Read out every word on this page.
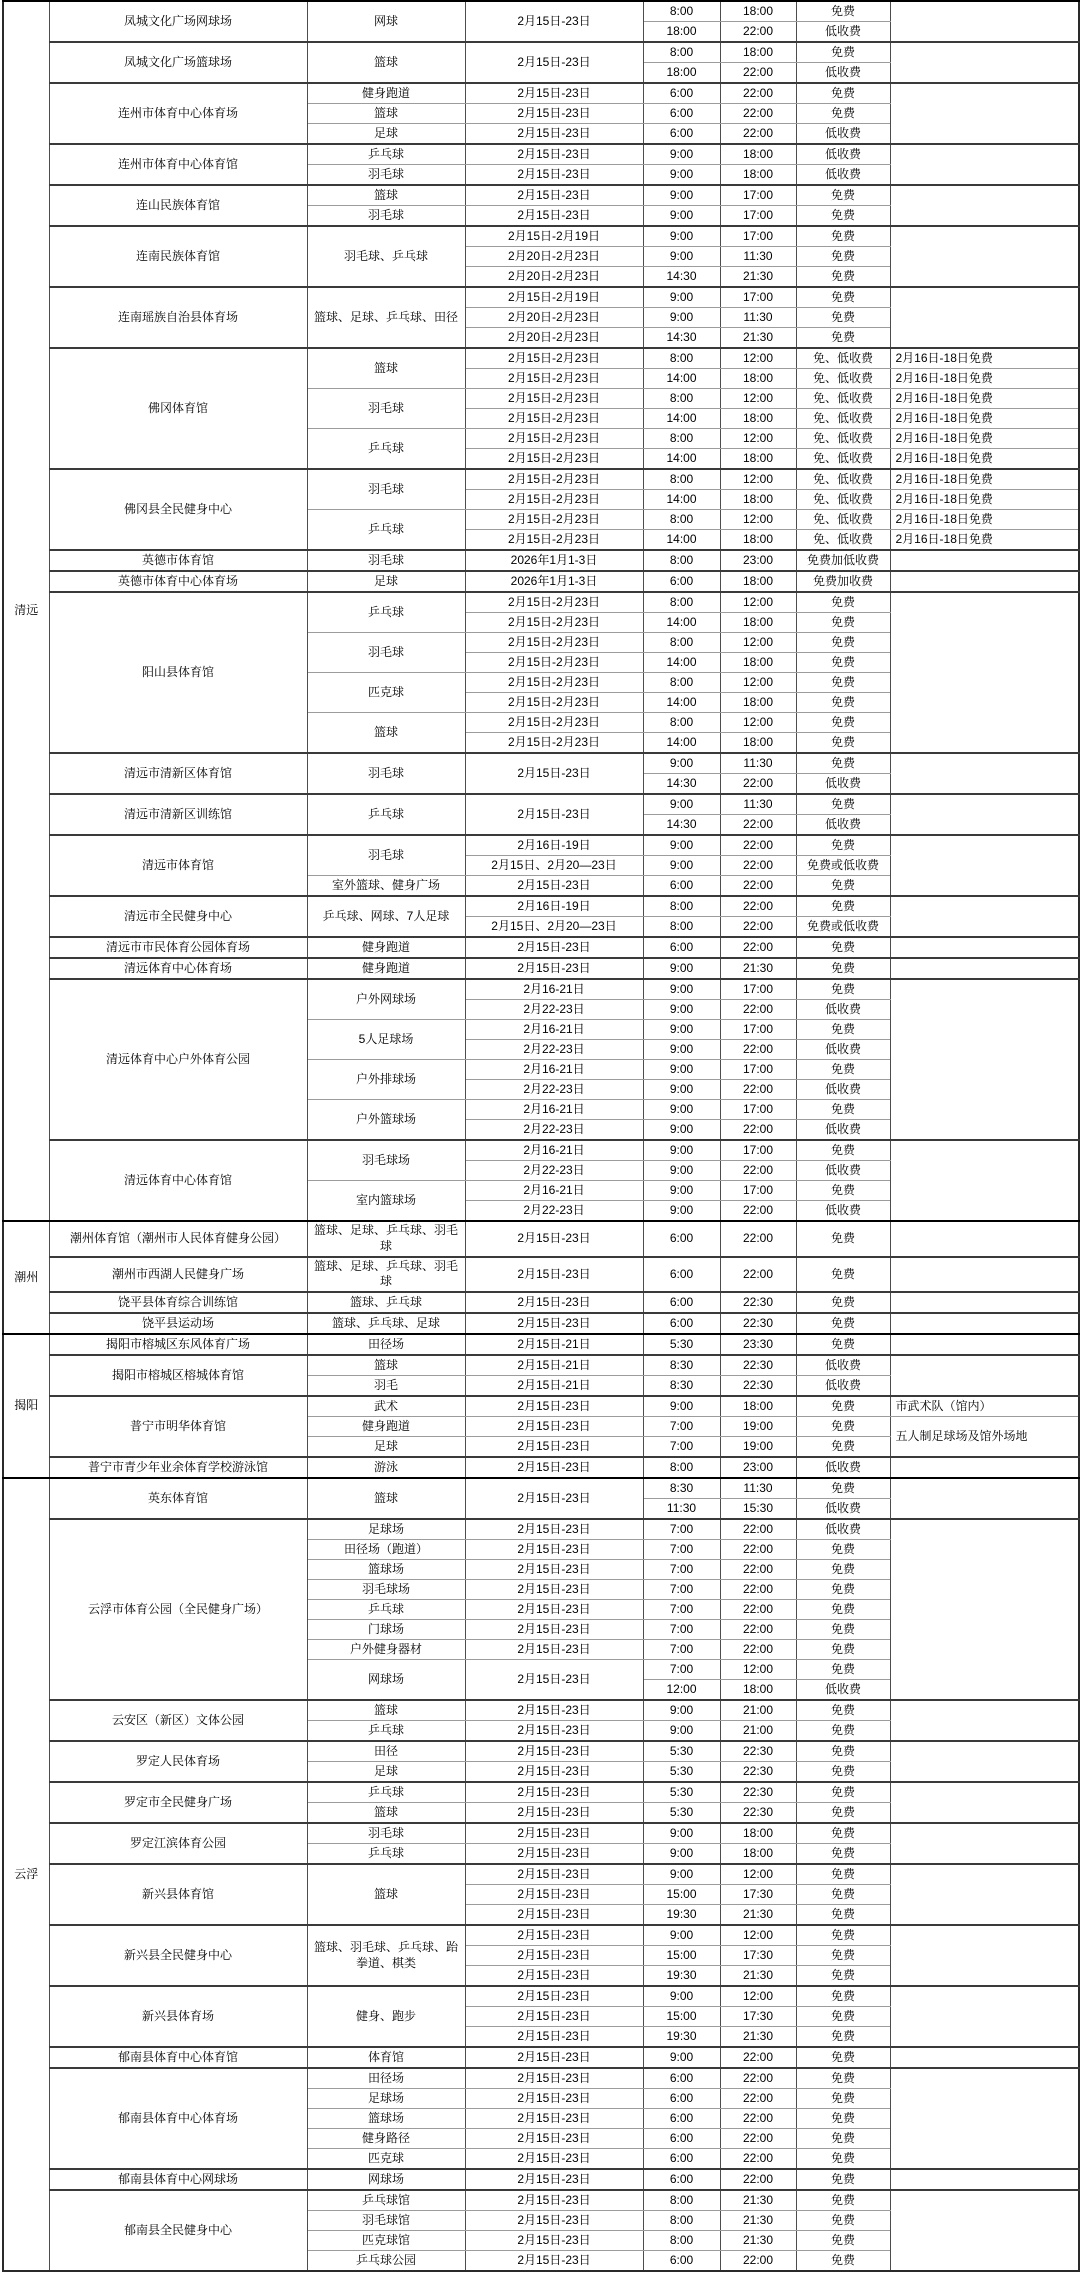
清远	凤城文化广场网球场	网球	2月15日-23日	8:00	18:00	免费	
				18:00	22:00	低收费	
	凤城文化广场篮球场	篮球	2月15日-23日	8:00	18:00	免费	
				18:00	22:00	低收费	
	连州市体育中心体育场	健身跑道	2月15日-23日	6:00	22:00	免费	
		篮球	2月15日-23日	6:00	22:00	免费	
		足球	2月15日-23日	6:00	22:00	低收费	
	连州市体育中心体育馆	乒乓球	2月15日-23日	9:00	18:00	低收费	
		羽毛球	2月15日-23日	9:00	18:00	低收费	
	连山民族体育馆	篮球	2月15日-23日	9:00	17:00	免费	
		羽毛球	2月15日-23日	9:00	17:00	免费	
	连南民族体育馆	羽毛球、乒乓球	2月15日-2月19日	9:00	17:00	免费	
			2月20日-2月23日	9:00	11:30	免费	
			2月20日-2月23日	14:30	21:30	免费	
	连南瑶族自治县体育场	篮球、足球、乒乓球、田径	2月15日-2月19日	9:00	17:00	免费	
			2月20日-2月23日	9:00	11:30	免费	
			2月20日-2月23日	14:30	21:30	免费	
	佛冈体育馆	篮球	2月15日-2月23日	8:00	12:00	免、低收费	2月16日-18日免费
			2月15日-2月23日	14:00	18:00	免、低收费	2月16日-18日免费
		羽毛球	2月15日-2月23日	8:00	12:00	免、低收费	2月16日-18日免费
			2月15日-2月23日	14:00	18:00	免、低收费	2月16日-18日免费
		乒乓球	2月15日-2月23日	8:00	12:00	免、低收费	2月16日-18日免费
			2月15日-2月23日	14:00	18:00	免、低收费	2月16日-18日免费
	佛冈县全民健身中心	羽毛球	2月15日-2月23日	8:00	12:00	免、低收费	2月16日-18日免费
			2月15日-2月23日	14:00	18:00	免、低收费	2月16日-18日免费
		乒乓球	2月15日-2月23日	8:00	12:00	免、低收费	2月16日-18日免费
			2月15日-2月23日	14:00	18:00	免、低收费	2月16日-18日免费
	英德市体育馆	羽毛球	2026年1月1-3日	8:00	23:00	免费加低收费	
	英德市体育中心体育场	足球	2026年1月1-3日	6:00	18:00	免费加收费	
	阳山县体育馆	乒乓球	2月15日-2月23日	8:00	12:00	免费	
			2月15日-2月23日	14:00	18:00	免费	
		羽毛球	2月15日-2月23日	8:00	12:00	免费	
			2月15日-2月23日	14:00	18:00	免费	
		匹克球	2月15日-2月23日	8:00	12:00	免费	
			2月15日-2月23日	14:00	18:00	免费	
		篮球	2月15日-2月23日	8:00	12:00	免费	
			2月15日-2月23日	14:00	18:00	免费	
	清远市清新区体育馆	羽毛球	2月15日-23日	9:00	11:30	免费	
				14:30	22:00	低收费	
	清远市清新区训练馆	乒乓球	2月15日-23日	9:00	11:30	免费	
				14:30	22:00	低收费	
	清远市体育馆	羽毛球	2月16日-19日	9:00	22:00	免费	
			2月15日、2月20—23日	9:00	22:00	免费或低收费	
		室外篮球、健身广场	2月15日-23日	6:00	22:00	免费	
	清远市全民健身中心	乒乓球、网球、7人足球	2月16日-19日	8:00	22:00	免费	
			2月15日、2月20—23日	8:00	22:00	免费或低收费	
	清远市市民体育公园体育场	健身跑道	2月15日-23日	6:00	22:00	免费	
	清远体育中心体育场	健身跑道	2月15日-23日	9:00	21:30	免费	
	清远体育中心户外体育公园	户外网球场	2月16-21日	9:00	17:00	免费	
			2月22-23日	9:00	22:00	低收费	
		5人足球场	2月16-21日	9:00	17:00	免费	
			2月22-23日	9:00	22:00	低收费	
		户外排球场	2月16-21日	9:00	17:00	免费	
			2月22-23日	9:00	22:00	低收费	
		户外篮球场	2月16-21日	9:00	17:00	免费	
			2月22-23日	9:00	22:00	低收费	
	清远体育中心体育馆	羽毛球场	2月16-21日	9:00	17:00	免费	
			2月22-23日	9:00	22:00	低收费	
		室内篮球场	2月16-21日	9:00	17:00	免费	
			2月22-23日	9:00	22:00	低收费	
潮州	潮州体育馆（潮州市人民体育健身公园）	篮球、足球、乒乓球、羽毛球	2月15日-23日	6:00	22:00	免费	
	潮州市西湖人民健身广场	篮球、足球、乒乓球、羽毛球	2月15日-23日	6:00	22:00	免费	
	饶平县体育综合训练馆	篮球、乒乓球	2月15日-23日	6:00	22:30	免费	
	饶平县运动场	篮球、乒乓球、足球	2月15日-23日	6:00	22:30	免费	
揭阳	揭阳市榕城区东风体育广场	田径场	2月15日-21日	5:30	23:30	免费	
	揭阳市榕城区榕城体育馆	篮球	2月15日-21日	8:30	22:30	低收费	
		羽毛	2月15日-21日	8:30	22:30	低收费	
	普宁市明华体育馆	武术	2月15日-23日	9:00	18:00	免费	市武术队（馆内）
		健身跑道	2月15日-23日	7:00	19:00	免费	五人制足球场及馆外场地
		足球	2月15日-23日	7:00	19:00	免费	
	普宁市青少年业余体育学校游泳馆	游泳	2月15日-23日	8:00	23:00	低收费	
云浮	英东体育馆	篮球	2月15日-23日	8:30	11:30	免费	
				11:30	15:30	低收费	
	云浮市体育公园（全民健身广场）	足球场	2月15日-23日	7:00	22:00	低收费	
		田径场（跑道）	2月15日-23日	7:00	22:00	免费	
		篮球场	2月15日-23日	7:00	22:00	免费	
		羽毛球场	2月15日-23日	7:00	22:00	免费	
		乒乓球	2月15日-23日	7:00	22:00	免费	
		门球场	2月15日-23日	7:00	22:00	免费	
		户外健身器材	2月15日-23日	7:00	22:00	免费	
		网球场	2月15日-23日	7:00	12:00	免费	
				12:00	18:00	低收费	
	云安区（新区）文体公园	篮球	2月15日-23日	9:00	21:00	免费	
		乒乓球	2月15日-23日	9:00	21:00	免费	
	罗定人民体育场	田径	2月15日-23日	5:30	22:30	免费	
		足球	2月15日-23日	5:30	22:30	免费	
	罗定市全民健身广场	乒乓球	2月15日-23日	5:30	22:30	免费	
		篮球	2月15日-23日	5:30	22:30	免费	
	罗定江滨体育公园	羽毛球	2月15日-23日	9:00	18:00	免费	
		乒乓球	2月15日-23日	9:00	18:00	免费	
	新兴县体育馆	篮球	2月15日-23日	9:00	12:00	免费	
			2月15日-23日	15:00	17:30	免费	
			2月15日-23日	19:30	21:30	免费	
	新兴县全民健身中心	篮球、羽毛球、乒乓球、跆拳道、棋类	2月15日-23日	9:00	12:00	免费	
			2月15日-23日	15:00	17:30	免费	
			2月15日-23日	19:30	21:30	免费	
	新兴县体育场	健身、跑步	2月15日-23日	9:00	12:00	免费	
			2月15日-23日	15:00	17:30	免费	
			2月15日-23日	19:30	21:30	免费	
	郁南县体育中心体育馆	体育馆	2月15日-23日	9:00	22:00	免费	
	郁南县体育中心体育场	田径场	2月15日-23日	6:00	22:00	免费	
		足球场	2月15日-23日	6:00	22:00	免费	
		篮球场	2月15日-23日	6:00	22:00	免费	
		健身路径	2月15日-23日	6:00	22:00	免费	
		匹克球	2月15日-23日	6:00	22:00	免费	
	郁南县体育中心网球场	网球场	2月15日-23日	6:00	22:00	免费	
	郁南县全民健身中心	乒乓球馆	2月15日-23日	8:00	21:30	免费	
		羽毛球馆	2月15日-23日	8:00	21:30	免费	
		匹克球馆	2月15日-23日	8:00	21:30	免费	
		乒乓球公园	2月15日-23日	6:00	22:00	免费	
